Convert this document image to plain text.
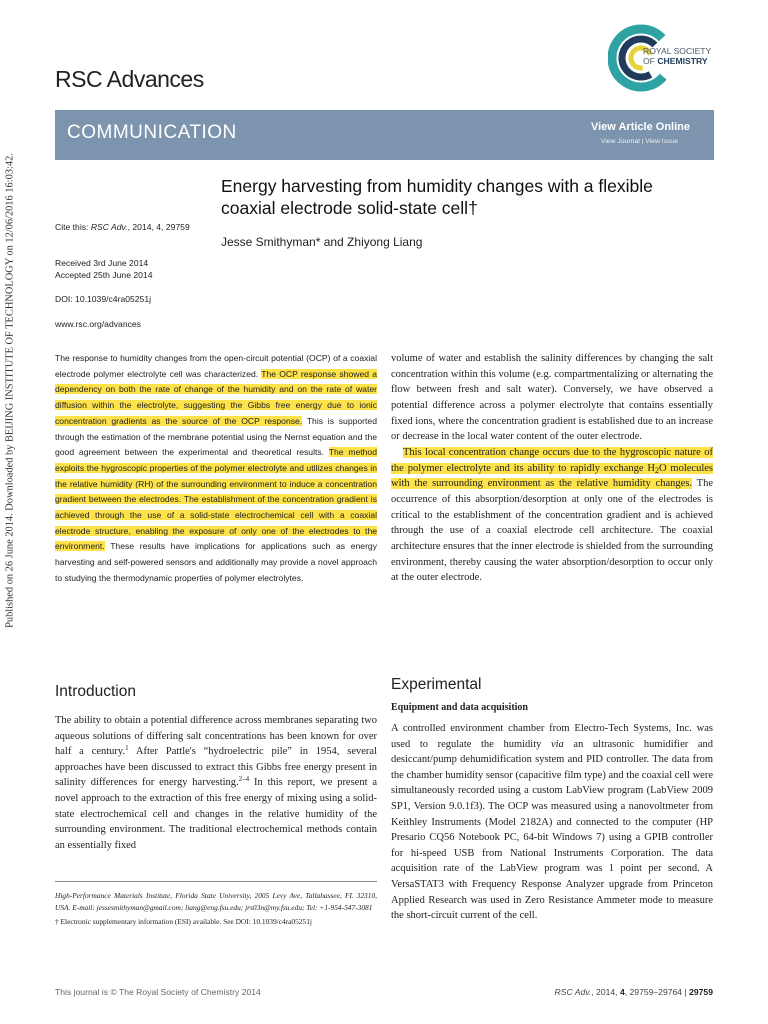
Published on 26 June 2014. Downloaded by BEIJING INSTITUTE OF TECHNOLOGY on 12/06/2016 16:03:42.
RSC Advances
ROYAL SOCIETY
OF CHEMISTRY
COMMUNICATION	View Article Online
View Journal | View Issue
Energy harvesting from humidity changes with a flexible coaxial electrode solid-state cell†
Jesse Smithyman* and Zhiyong Liang
Cite this: RSC Adv., 2014, 4, 29759
Received 3rd June 2014
Accepted 25th June 2014
DOI: 10.1039/c4ra05251j
www.rsc.org/advances
The response to humidity changes from the open-circuit potential (OCP) of a coaxial electrode polymer electrolyte cell was characterized. The OCP response showed a dependency on both the rate of change of the humidity and on the rate of water diffusion within the electrolyte, suggesting the Gibbs free energy due to ionic concentration gradients as the source of the OCP response. This is supported through the estimation of the membrane potential using the Nernst equation and the good agreement between the experimental and theoretical results. The method exploits the hygroscopic properties of the polymer electrolyte and utilizes changes in the relative humidity (RH) of the surrounding environment to induce a concentration gradient between the electrodes. The establishment of the concentration gradient is achieved through the use of a solid-state electrochemical cell with a coaxial electrode structure, enabling the exposure of only one of the electrodes to the environment. These results have implications for applications such as energy harvesting and self-powered sensors and additionally may provide a novel approach to studying the thermodynamic properties of polymer electrolytes.

volume of water and establish the salinity differences by changing the salt concentration within this volume (e.g. compartmentalizing or alternating the flow between fresh and salt water). Conversely, we have observed a potential difference across a polymer electrolyte that contains essentially fixed ions, where the concentration gradient is established due to an increase or decrease in the local water content of the outer electrode.

This local concentration change occurs due to the hygroscopic nature of the polymer electrolyte and its ability to rapidly exchange $H_2O$ molecules with the surrounding environment as the relative humidity changes. The occurrence of this absorption/desorption at only one of the electrodes is critical to the establishment of the concentration gradient and is achieved through the use of a coaxial electrode cell architecture. The coaxial architecture ensures that the inner electrode is shielded from the surrounding environment, thereby causing the water absorption/desorption to occur only at the outer electrode.

Introduction
The ability to obtain a potential difference across membranes separating two aqueous solutions of differing salt concentrations has been known for over half a century.$^1$ After Pattle's “hydroelectric pile” in 1954, several approaches have been discussed to extract this Gibbs free energy present in salinity differences for energy harvesting.$^{2-4}$ In this report, we present a novel approach to the extraction of this free energy of mixing using a solid-state electrochemical cell and changes in the relative humidity of the surrounding environment. The traditional electrochemical methods contain an essentially fixed

High-Performance Materials Institute, Florida State University, 2005 Levy Ave, Tallahassee, FL 32310, USA. E-mail: jessesmithyman@gmail.com; liang@eng.fsu.edu; jrs03n@my.fsu.edu; Tel: +1-954-547-3081

† Electronic supplementary information (ESI) available. See DOI: 10.1039/c4ra05251j

Experimental
Equipment and data acquisition
A controlled environment chamber from Electro-Tech Systems, Inc. was used to regulate the humidity via an ultrasonic humidifier and desiccant/pump dehumidification system and PID controller. The data from the chamber humidity sensor (capacitive film type) and the coaxial cell were simultaneously recorded using a custom LabView program (LabView 2009 SP1, Version 9.0.1f3). The OCP was measured using a nanovoltmeter from Keithley Instruments (Model 2182A) and connected to the computer (HP Presario CQ56 Notebook PC, 64-bit Windows 7) using a GPIB controller for hi-speed USB from National Instruments Corporation. The data acquisition rate of the LabView program was 1 point per second. A VersaSTAT3 with Frequency Response Analyzer upgrade from Princeton Applied Research was used in Zero Resistance Ammeter mode to measure the short-circuit current of the cell.
This journal is © The Royal Society of Chemistry 2014	RSC Adv., 2014, 4, 29759–29764 | 29759
